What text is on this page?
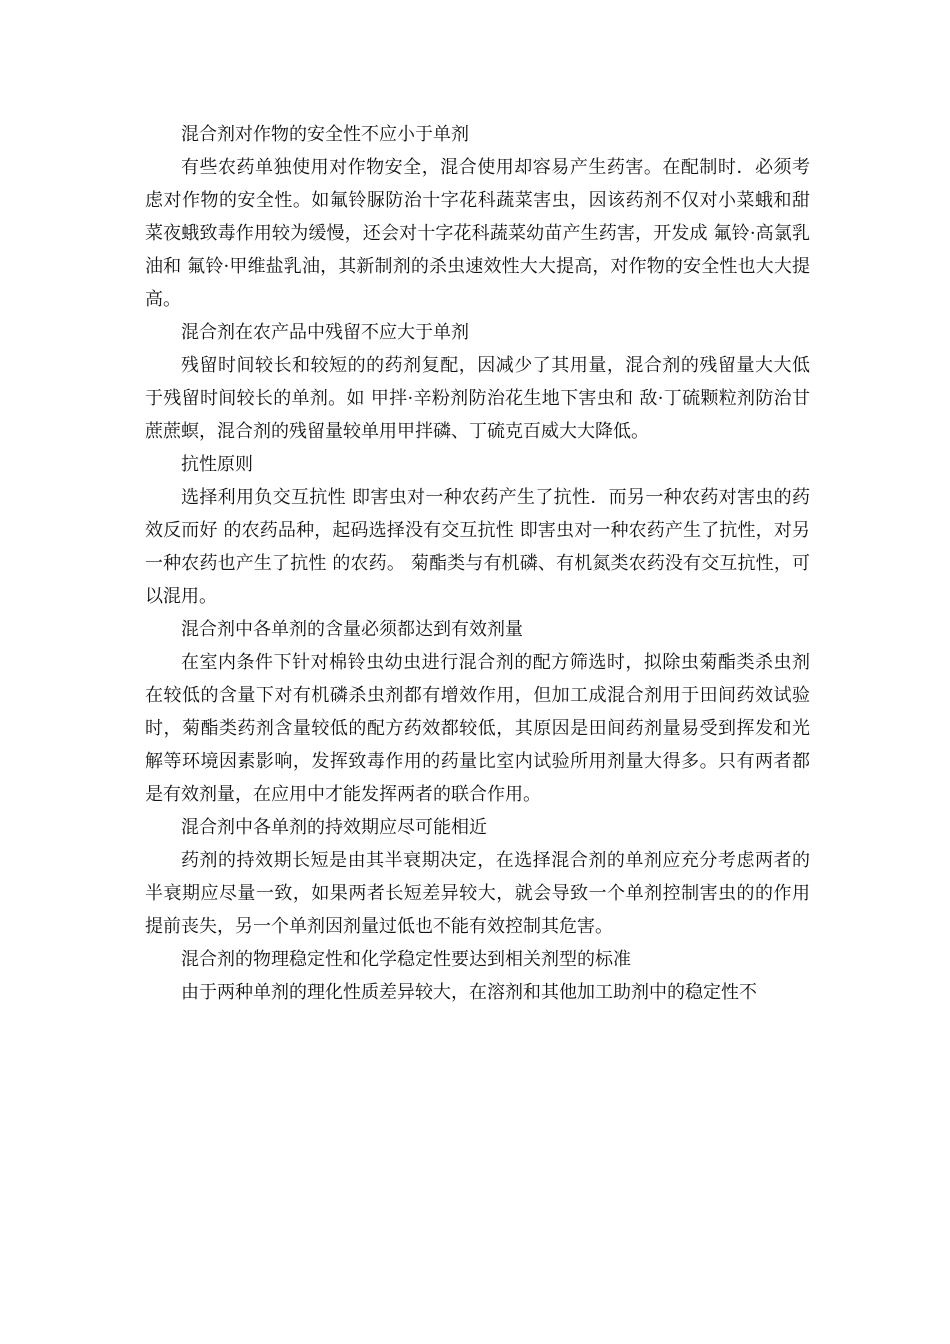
混合剂对作物的安全性不应小于单剂

有些农药单独使用对作物安全，混合使用却容易产生药害。在配制时．必须考虑对作物的安全性。如氟铃脲防治十字花科蔬菜害虫，因该药剂不仅对小菜蛾和甜菜夜蛾致毒作用较为缓慢，还会对十字花科蔬菜幼苗产生药害，开发成 氟铃·高氯乳油和 氟铃·甲维盐乳油，其新制剂的杀虫速效性大大提高，对作物的安全性也大大提高。

混合剂在农产品中残留不应大于单剂

残留时间较长和较短的的药剂复配，因减少了其用量，混合剂的残留量大大低于残留时间较长的单剂。如 甲拌·辛粉剂防治花生地下害虫和 敌·丁硫颗粒剂防治甘蔗蔗螟，混合剂的残留量较单用甲拌磷、丁硫克百威大大降低。

抗性原则

选择利用负交互抗性 即害虫对一种农药产生了抗性．而另一种农药对害虫的药效反而好 的农药品种，起码选择没有交互抗性 即害虫对一种农药产生了抗性，对另一种农药也产生了抗性 的农药。 菊酯类与有机磷、有机氮类农药没有交互抗性，可以混用。

混合剂中各单剂的含量必须都达到有效剂量

在室内条件下针对棉铃虫幼虫进行混合剂的配方筛选时，拟除虫菊酯类杀虫剂在较低的含量下对有机磷杀虫剂都有增效作用，但加工成混合剂用于田间药效试验时，菊酯类药剂含量较低的配方药效都较低，其原因是田间药剂量易受到挥发和光解等环境因素影响，发挥致毒作用的药量比室内试验所用剂量大得多。只有两者都是有效剂量，在应用中才能发挥两者的联合作用。

混合剂中各单剂的持效期应尽可能相近

药剂的持效期长短是由其半衰期决定，在选择混合剂的单剂应充分考虑两者的半衰期应尽量一致，如果两者长短差异较大，就会导致一个单剂控制害虫的的作用提前丧失，另一个单剂因剂量过低也不能有效控制其危害。

混合剂的物理稳定性和化学稳定性要达到相关剂型的标准

由于两种单剂的理化性质差异较大，在溶剂和其他加工助剂中的稳定性不
